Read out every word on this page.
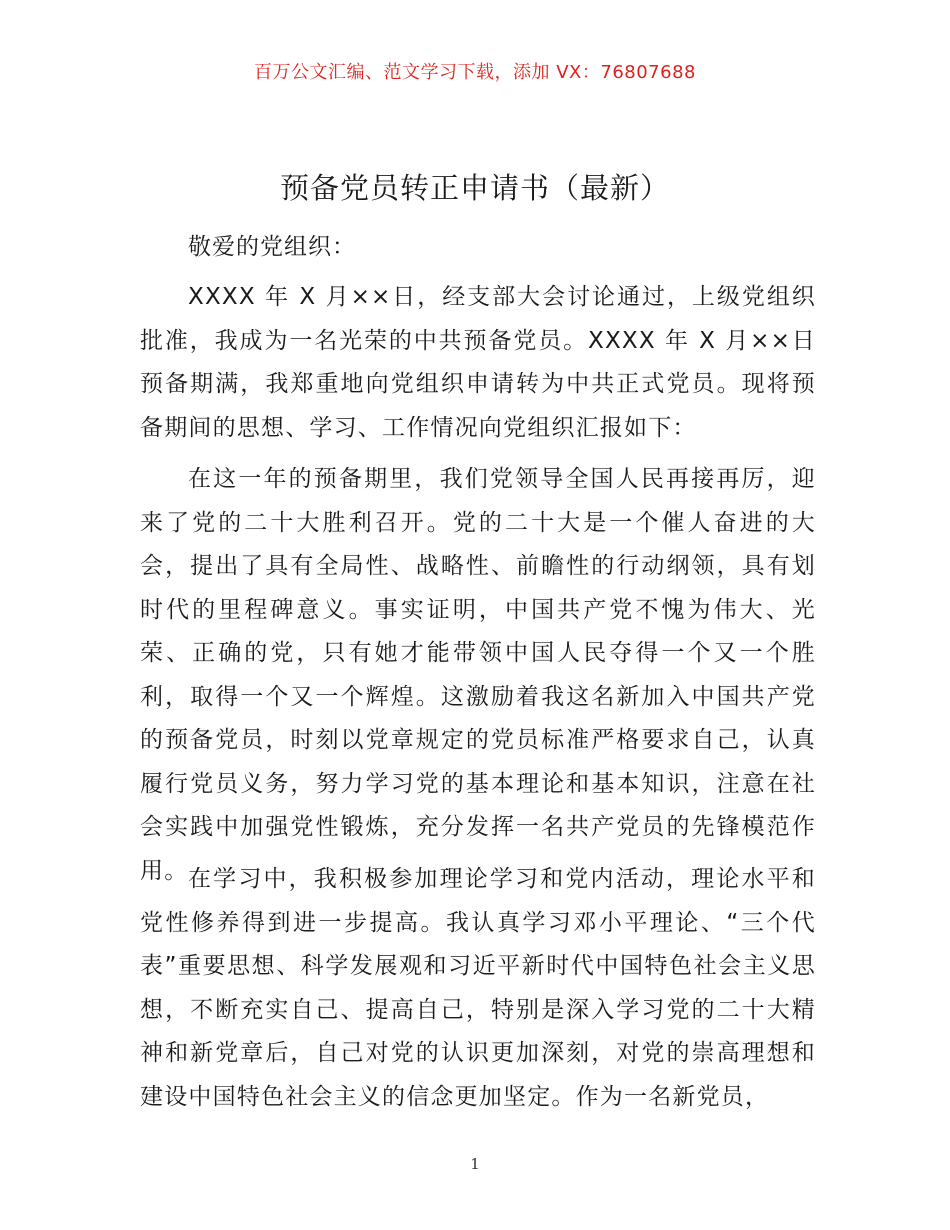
百万公文汇编、范文学习下载，添加 VX：76807688
预备党员转正申请书（最新）
敬爱的党组织：

XXXX 年 X 月××日，经支部大会讨论通过，上级党组织批准，我成为一名光荣的中共预备党员。XXXX 年 X 月××日预备期满，我郑重地向党组织申请转为中共正式党员。现将预备期间的思想、学习、工作情况向党组织汇报如下：

在这一年的预备期里，我们党领导全国人民再接再厉，迎来了党的二十大胜利召开。党的二十大是一个催人奋进的大会，提出了具有全局性、战略性、前瞻性的行动纲领，具有划时代的里程碑意义。事实证明，中国共产党不愧为伟大、光荣、正确的党，只有她才能带领中国人民夺得一个又一个胜利，取得一个又一个辉煌。这激励着我这名新加入中国共产党的预备党员，时刻以党章规定的党员标准严格要求自己，认真履行党员义务，努力学习党的基本理论和基本知识，注意在社会实践中加强党性锻炼，充分发挥一名共产党员的先锋模范作用。 在学习中，我积极参加理论学习和党内活动，理论水平和党性修养得到进一步提高。我认真学习邓小平理论、“三个代表”重要思想、科学发展观和习近平新时代中国特色社会主义思想，不断充实自己、提高自己，特别是深入学习党的二十大精神和新党章后，自己对党的认识更加深刻，对党的崇高理想和建设中国特色社会主义的信念更加坚定。作为一名新党员，

1
